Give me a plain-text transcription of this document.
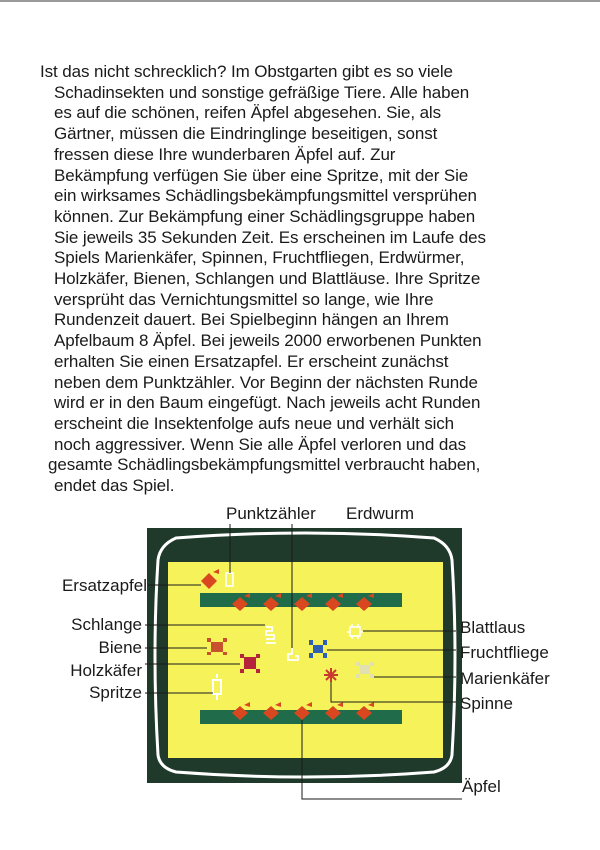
Ist das nicht schrecklich? Im Obstgarten gibt es so viele
Schadinsekten und sonstige gefräßige Tiere. Alle haben
es auf die schönen, reifen Äpfel abgesehen. Sie, als
Gärtner, müssen die Eindringlinge beseitigen, sonst
fressen diese Ihre wunderbaren Äpfel auf. Zur
Bekämpfung verfügen Sie über eine Spritze, mit der Sie
ein wirksames Schädlingsbekämpfungsmittel versprühen
können. Zur Bekämpfung einer Schädlingsgruppe haben
Sie jeweils 35 Sekunden Zeit. Es erscheinen im Laufe des
Spiels Marienkäfer, Spinnen, Fruchtfliegen, Erdwürmer,
Holzkäfer, Bienen, Schlangen und Blattläuse. Ihre Spritze
versprüht das Vernichtungsmittel so lange, wie Ihre
Rundenzeit dauert. Bei Spielbeginn hängen an Ihrem
Apfelbaum 8 Äpfel. Bei jeweils 2000 erworbenen Punkten
erhalten Sie einen Ersatzapfel. Er erscheint zunächst
neben dem Punktzähler. Vor Beginn der nächsten Runde
wird er in den Baum eingefügt. Nach jeweils acht Runden
erscheint die Insektenfolge aufs neue und verhält sich
noch aggressiver. Wenn Sie alle Äpfel verloren und das
gesamte Schädlingsbekämpfungsmittel verbraucht haben,
endet das Spiel.
Punktzähler Erdwurm
Ersatzapfel
Schlange
Biene
Holzkäfer
Spritze
Blattlaus
Fruchtfliege
Marienkäfer
Spinne
Äpfel
